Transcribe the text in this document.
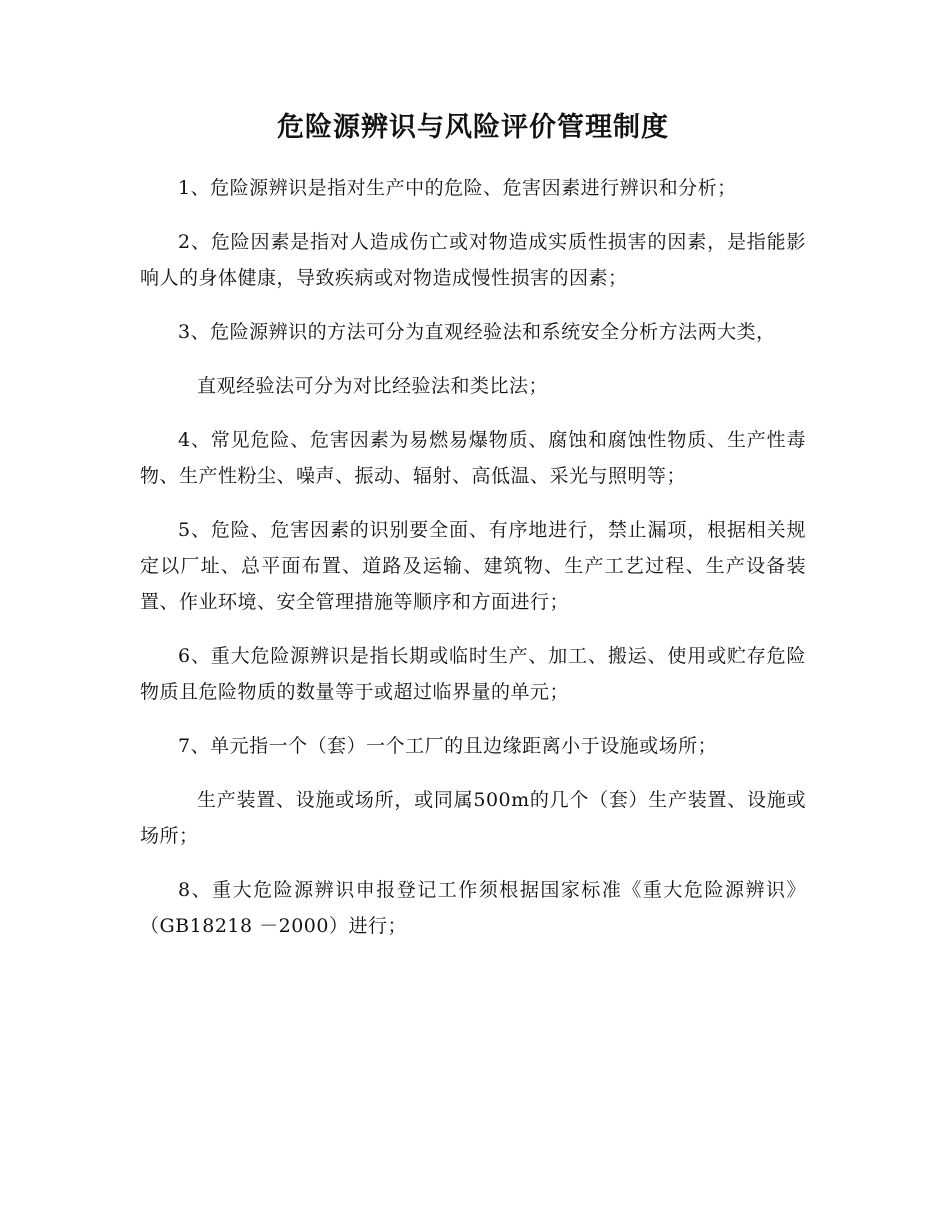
危险源辨识与风险评价管理制度

1、危险源辨识是指对生产中的危险、危害因素进行辨识和分析；

2、危险因素是指对人造成伤亡或对物造成实质性损害的因素，是指能影响人的身体健康，导致疾病或对物造成慢性损害的因素；

3、危险源辨识的方法可分为直观经验法和系统安全分析方法两大类，

直观经验法可分为对比经验法和类比法；

4、常见危险、危害因素为易燃易爆物质、腐蚀和腐蚀性物质、生产性毒物、生产性粉尘、噪声、振动、辐射、高低温、采光与照明等；

5、危险、危害因素的识别要全面、有序地进行，禁止漏项，根据相关规定以厂址、总平面布置、道路及运输、建筑物、生产工艺过程、生产设备装置、作业环境、安全管理措施等顺序和方面进行；

6、重大危险源辨识是指长期或临时生产、加工、搬运、使用或贮存危险物质且危险物质的数量等于或超过临界量的单元；

7、单元指一个（套）一个工厂的且边缘距离小于设施或场所；

生产装置、设施或场所，或同属500m的几个（套）生产装置、设施或场所；

8、重大危险源辨识申报登记工作须根据国家标准《重大危险源辨识》（GB18218 －2000）进行；
